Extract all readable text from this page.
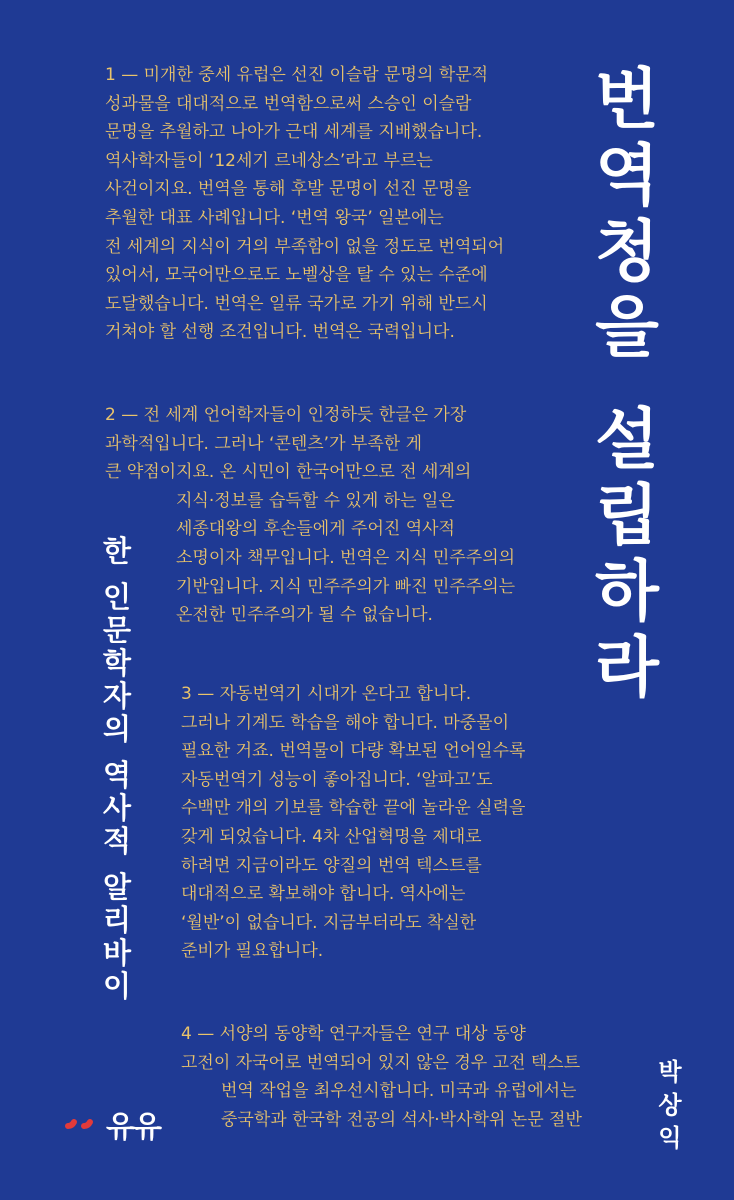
1 — 미개한 중세 유럽은 선진 이슬람 문명의 학문적
성과물을 대대적으로 번역함으로써 스승인 이슬람
문명을 추월하고 나아가 근대 세계를 지배했습니다.
역사학자들이 ‘12세기 르네상스’라고 부르는
사건이지요. 번역을 통해 후발 문명이 선진 문명을
추월한 대표 사례입니다. ‘번역 왕국’ 일본에는
전 세계의 지식이 거의 부족함이 없을 정도로 번역되어
있어서, 모국어만으로도 노벨상을 탈 수 있는 수준에
도달했습니다. 번역은 일류 국가로 가기 위해 반드시
거쳐야 할 선행 조건입니다. 번역은 국력입니다.
2 — 전 세계 언어학자들이 인정하듯 한글은 가장
과학적입니다. 그러나 ‘콘텐츠’가 부족한 게
큰 약점이지요. 온 시민이 한국어만으로 전 세계의
지식·정보를 습득할 수 있게 하는 일은
세종대왕의 후손들에게 주어진 역사적
소명이자 책무입니다. 번역은 지식 민주주의의
기반입니다. 지식 민주주의가 빠진 민주주의는
온전한 민주주의가 될 수 없습니다.
3 — 자동번역기 시대가 온다고 합니다.
그러나 기계도 학습을 해야 합니다. 마중물이
필요한 거죠. 번역물이 다량 확보된 언어일수록
자동번역기 성능이 좋아집니다. ‘알파고’도
수백만 개의 기보를 학습한 끝에 놀라운 실력을
갖게 되었습니다. 4차 산업혁명을 제대로
하려면 지금이라도 양질의 번역 텍스트를
대대적으로 확보해야 합니다. 역사에는
‘월반’이 없습니다. 지금부터라도 착실한
준비가 필요합니다.
4 — 서양의 동양학 연구자들은 연구 대상 동양
고전이 자국어로 번역되어 있지 않은 경우 고전 텍스트
번역 작업을 최우선시합니다. 미국과 유럽에서는
중국학과 한국학 전공의 석사·박사학위 논문 절반
번
역
청
을
설
립
하
라
한
인
문
학
자
의
역
사
적
알
리
바
이
박
상
익
유유
